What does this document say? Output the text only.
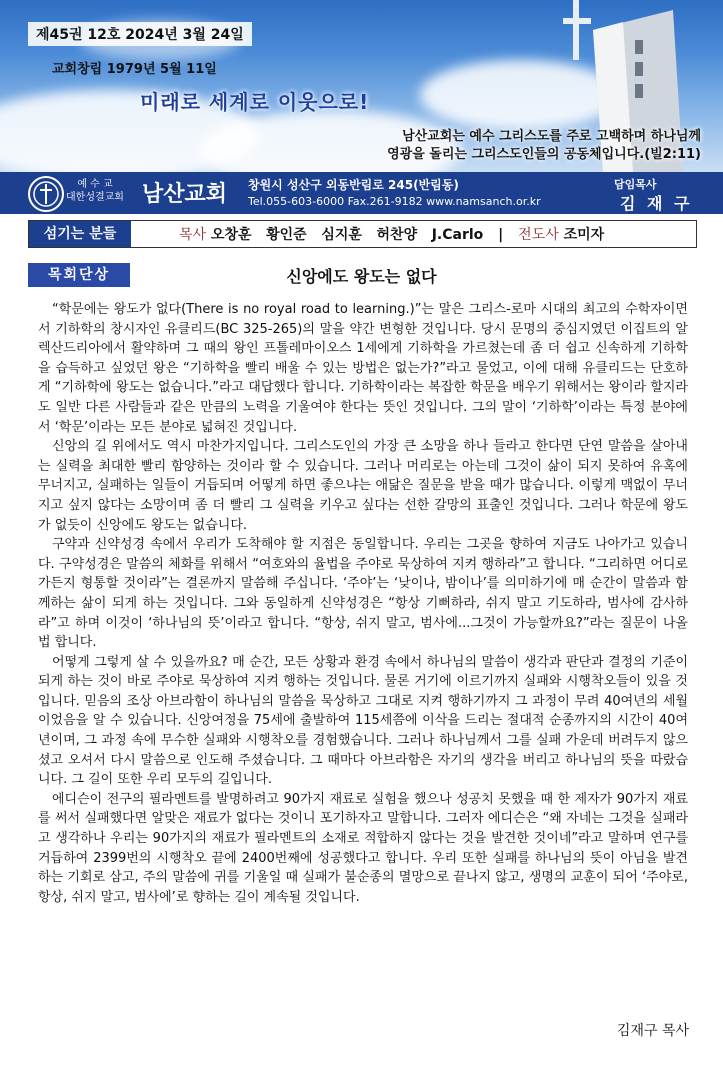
제45권 12호 2024년 3월 24일
교회창립 1979년 5월 11일
미래로 세계로 이웃으로!
남산교회는 예수 그리스도를 주로 고백하며 하나님께
영광을 돌리는 그리스도인들의 공동체입니다.(빌2:11)
예 수 교
대한성결교회 남산교회 창원시 성산구 외동반림로 245(반림동)
Tel.055-603-6000 Fax.261-9182 www.namsanch.or.kr
담임목사
김 재 구
섬기는 분들	목사 오창훈   황인준   심지훈   허찬양   J.Carlo | 전도사 조미자
목회단상	신앙에도 왕도는 없다

“학문에는 왕도가 없다(There is no royal road to learning.)”는 말은 그리스-로마 시대의 최고의 수학자이면서 기하학의 창시자인 유클리드(BC 325-265)의 말을 약간 변형한 것입니다. 당시 문명의 중심지였던 이집트의 알렉산드리아에서 활약하며 그 때의 왕인 프톨레마이오스 1세에게 기하학을 가르쳤는데 좀 더 쉽고 신속하게 기하학을 습득하고 싶었던 왕은 “기하학을 빨리 배울 수 있는 방법은 없는가?”라고 물었고, 이에 대해 유클리드는 단호하게 “기하학에 왕도는 없습니다.”라고 대답했다 합니다. 기하학이라는 복잡한 학문을 배우기 위해서는 왕이라 할지라도 일반 다른 사람들과 같은 만큼의 노력을 기울여야 한다는 뜻인 것입니다. 그의 말이 ‘기하학’이라는 특정 분야에서 ‘학문’이라는 모든 분야로 넓혀진 것입니다.

신앙의 길 위에서도 역시 마찬가지입니다. 그리스도인의 가장 큰 소망을 하나 들라고 한다면 단연 말씀을 살아내는 실력을 최대한 빨리 함양하는 것이라 할 수 있습니다. 그러나 머리로는 아는데 그것이 삶이 되지 못하여 유혹에 무너지고, 실패하는 일들이 거듭되며 어떻게 하면 좋으냐는 애닮은 질문을 받을 때가 많습니다. 이렇게 맥없이 무너지고 싶지 않다는 소망이며 좀 더 빨리 그 실력을 키우고 싶다는 선한 갈망의 표출인 것입니다. 그러나 학문에 왕도가 없듯이 신앙에도 왕도는 없습니다.

구약과 신약성경 속에서 우리가 도착해야 할 지점은 동일합니다. 우리는 그곳을 향하여 지금도 나아가고 있습니다. 구약성경은 말씀의 체화를 위해서 “여호와의 율법을 주야로 묵상하여 지켜 행하라”고 합니다. “그리하면 어디로 가든지 형통할 것이라”는 결론까지 말씀해 주십니다. ‘주야’는 ‘낮이나, 밤이나’를 의미하기에 매 순간이 말씀과 함께하는 삶이 되게 하는 것입니다. 그와 동일하게 신약성경은 “항상 기뻐하라, 쉬지 말고 기도하라, 범사에 감사하라”고 하며 이것이 ‘하나님의 뜻’이라고 합니다. “항상, 쉬지 말고, 범사에...그것이 가능할까요?”라는 질문이 나올 법 합니다.

어떻게 그렇게 살 수 있을까요? 매 순간, 모든 상황과 환경 속에서 하나님의 말씀이 생각과 판단과 결정의 기준이 되게 하는 것이 바로 주야로 묵상하여 지켜 행하는 것입니다. 물론 거기에 이르기까지 실패와 시행착오들이 있을 것입니다. 믿음의 조상 아브라함이 하나님의 말씀을 묵상하고 그대로 지켜 행하기까지 그 과정이 무려 40여년의 세월이었음을 알 수 있습니다. 신앙여정을 75세에 출발하여 115세쯤에 이삭을 드리는 절대적 순종까지의 시간이 40여년이며, 그 과정 속에 무수한 실패와 시행착오를 경험했습니다. 그러나 하나님께서 그를 실패 가운데 버려두지 않으셨고 오셔서 다시 말씀으로 인도해 주셨습니다. 그 때마다 아브라함은 자기의 생각을 버리고 하나님의 뜻을 따랐습니다. 그 길이 또한 우리 모두의 길입니다.

에디슨이 전구의 필라멘트를 발명하려고 90가지 재료로 실험을 했으나 성공치 못했을 때 한 제자가 90가지 재료를 써서 실패했다면 알맞은 재료가 없다는 것이니 포기하자고 말합니다. 그러자 에디슨은 “왜 자네는 그것을 실패라고 생각하나 우리는 90가지의 재료가 필라멘트의 소재로 적합하지 않다는 것을 발견한 것이네”라고 말하며 연구를 거듭하여 2399번의 시행착오 끝에 2400번째에 성공했다고 합니다. 우리 또한 실패를 하나님의 뜻이 아님을 발견하는 기회로 삼고, 주의 말씀에 귀를 기울일 때 실패가 불순종의 멸망으로 끝나지 않고, 생명의 교훈이 되어 ‘주야로, 항상, 쉬지 말고, 범사에’로 향하는 길이 계속될 것입니다.

김재구 목사
